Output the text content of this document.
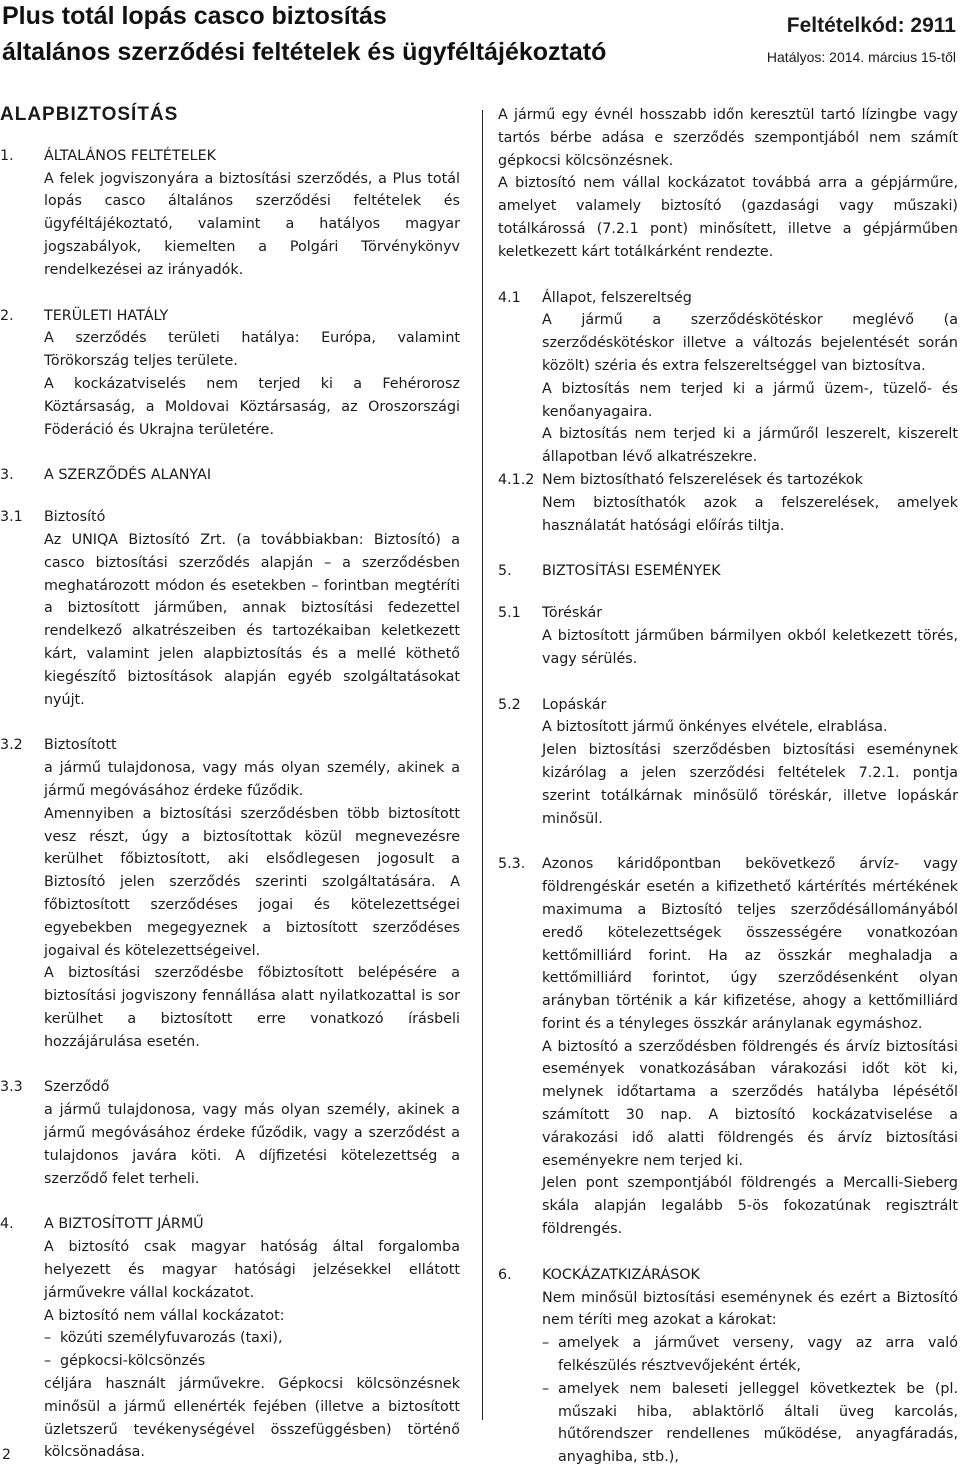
Plus totál lopás casco biztosítás
általános szerződési feltételek és ügyféltájékoztató
Feltételkód: 2911
Hatályos: 2014. március 15-től
ALAPBIZTOSÍTÁS
1.	ÁLTALÁNOS FELTÉTELEK

A felek jogviszonyára a biztosítási szerződés, a Plus totál lopás casco általános szerződési feltételek és ügyféltájékoztató, valamint a hatályos magyar jogszabályok, kiemelten a Polgári Törvénykönyv rendelkezései az irányadók.

2.	TERÜLETI HATÁLY

A szerződés területi hatálya: Európa, valamint Törökország teljes területe.

A kockázatviselés nem terjed ki a Fehérorosz Köztársaság, a Moldovai Köztársaság, az Oroszországi Föderáció és Ukrajna területére.

3.	A SZERZŐDÉS ALANYAI

3.1	Biztosító

Az UNIQA Biztosító Zrt. (a továbbiakban: Biztosító) a casco biztosítási szerződés alapján – a szerződésben meghatározott módon és esetekben – forintban megtéríti a biztosított járműben, annak biztosítási fedezettel rendelkező alkatrészeiben és tartozékaiban keletkezett kárt, valamint jelen alapbiztosítás és a mellé köthető kiegészítő biztosítások alapján egyéb szolgáltatásokat nyújt.

3.2	Biztosított

a jármű tulajdonosa, vagy más olyan személy, akinek a jármű megóvásához érdeke fűződik.

Amennyiben a biztosítási szerződésben több biztosított vesz részt, úgy a biztosítottak közül megnevezésre kerülhet főbiztosított, aki elsődlegesen jogosult a Biztosító jelen szerződés szerinti szolgáltatására. A főbiztosított szerződéses jogai és kötelezettségei egyebekben megegyeznek a biztosított szerződéses jogaival és kötelezettségeivel.

A biztosítási szerződésbe főbiztosított belépésére a biztosítási jogviszony fennállása alatt nyilatkozattal is sor kerülhet a biztosított erre vonatkozó írásbeli hozzájárulása esetén.

3.3	Szerződő

a jármű tulajdonosa, vagy más olyan személy, akinek a jármű megóvásához érdeke fűződik, vagy a szerződést a tulajdonos javára köti. A díjfizetési kötelezettség a szerződő felet terheli.

4.	A BIZTOSÍTOTT JÁRMŰ

A biztosító csak magyar hatóság által forgalomba helyezett és magyar hatósági jelzésekkel ellátott járművekre vállal kockázatot.

A biztosító nem vállal kockázatot:

– közúti személyfuvarozás (taxi),
– gépkocsi-kölcsönzés

céljára használt járművekre. Gépkocsi kölcsönzésnek minősül a jármű ellenérték fejében (illetve a biztosított üzletszerű tevékenységével összefüggésben) történő kölcsönadása.

A jármű egy évnél hosszabb időn keresztül tartó lízingbe vagy tartós bérbe adása e szerződés szempontjából nem számít gépkocsi kölcsönzésnek.

A biztosító nem vállal kockázatot továbbá arra a gépjárműre, amelyet valamely biztosító (gazdasági vagy műszaki) totálkárossá (7.2.1 pont) minősített, illetve a gépjárműben keletkezett kárt totálkárként rendezte.

4.1	Állapot, felszereltség

A jármű a szerződéskötéskor meglévő (a szerződéskötéskor illetve a változás bejelentését során közölt) szériа és extra felszereltséggel van biztosítva.

A biztosítás nem terjed ki a jármű üzem-, tüzelő- és kenőanyagaira.

A biztosítás nem terjed ki a járműről leszerelt, kiszerelt állapotban lévő alkatrészekre.

4.1.2 Nem biztosítható felszerelések és tartozékok

Nem biztosíthatók azok a felszerelések, amelyek használatát hatósági előírás tiltja.

5.	BIZTOSÍTÁSI ESEMÉNYEK

5.1	Töréskár

A biztosított járműben bármilyen okból keletkezett törés, vagy sérülés.

5.2	Lopáskár

A biztosított jármű önkényes elvétele, elrablása.

Jelen biztosítási szerződésben biztosítási eseménynek kizárólag a jelen szerződési feltételek 7.2.1. pontja szerint totálkárnak minősülő töréskár, illetve lopáskár minősül.

5.3.	Azonos káridőpontban bekövetkező árvíz- vagy földrengéskár esetén a kifizethető kártérítés mértékének maximuma a Biztosító teljes szerződésállományából eredő kötelezettségek összességére vonatkozóan kettőmilliárd forint. Ha az összkár meghaladja a kettőmilliárd forintot, úgy szerződésenként olyan arányban történik a kár kifizetése, ahogy a kettőmilliárd forint és a tényleges összkár aránylanak egymáshoz.

A biztosító a szerződésben földrengés és árvíz biztosítási események vonatkozásában várakozási időt köt ki, melynek időtartama a szerződés hatályba lépésétől számított 30 nap. A biztosító kockázatviselése a várakozási idő alatti földrengés és árvíz biztosítási eseményekre nem terjed ki.

Jelen pont szempontjából földrengés a Mercalli-Sieberg skála alapján legalább 5-ös fokozatúnak regisztrált földrengés.

6.	KOCKÁZATKIZÁRÁSOK

Nem minősül biztosítási eseménynek és ezért a Biztosító nem téríti meg azokat a károkat:

– amelyek a járművet verseny, vagy az arra való felkészülés résztvevőjeként érték,
– amelyek nem baleseti jelleggel következtek be (pl. műszaki hiba, ablaktörlő általi üveg karcolás, hűtőrendszer rendellenes működése, anyagfáradás, anyaghiba, stb.),
2
